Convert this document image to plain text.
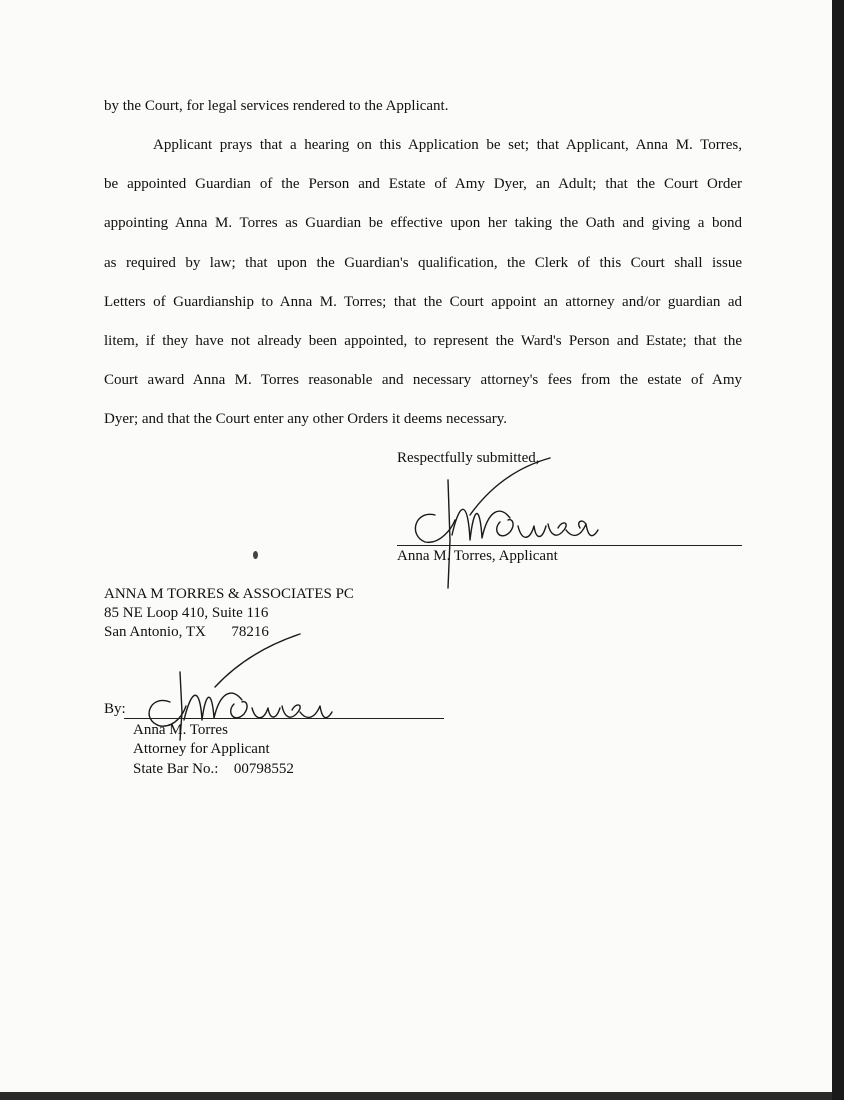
by the Court, for legal services rendered to the Applicant.
Applicant prays that a hearing on this Application be set; that Applicant, Anna M. Torres,
be appointed Guardian of the Person and Estate of Amy Dyer, an Adult; that the Court Order
appointing Anna M. Torres as Guardian be effective upon her taking the Oath and giving a bond
as required by law; that upon the Guardian's qualification, the Clerk of this Court shall issue
Letters of Guardianship to Anna M. Torres; that the Court appoint an attorney and/or guardian ad
litem, if they have not already been appointed, to represent the Ward's Person and Estate; that the
Court award Anna M. Torres reasonable and necessary attorney's fees from the estate of Amy
Dyer; and that the Court enter any other Orders it deems necessary.
Respectfully submitted,
Anna M. Torres, Applicant
ANNA M TORRES & ASSOCIATES PC
85 NE Loop 410, Suite 116
San Antonio, TX 78216
By:
Anna M. Torres
Attorney for Applicant
State Bar No.: 00798552
